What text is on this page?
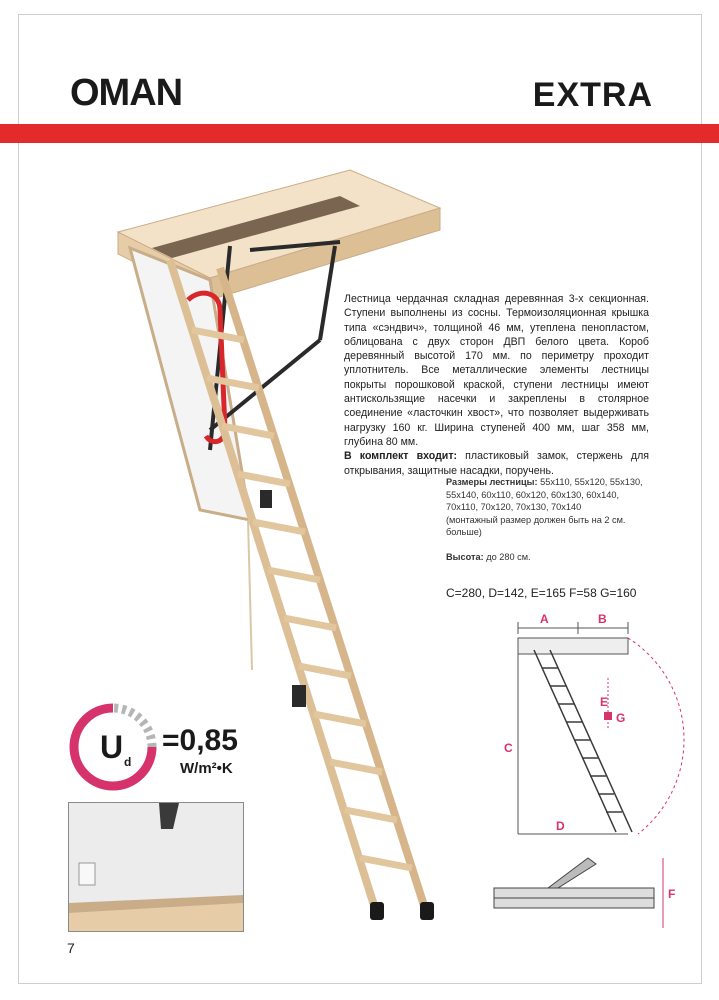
OMAN	EXTRA
Лестница чердачная складная деревянная 3-х секционная. Ступени выполнены из сосны. Термоизоляционная крышка типа «сэндвич», толщиной 46 мм, утеплена пенопластом, облицована с двух сторон ДВП белого цвета. Короб деревянный высотой 170 мм. по периметру проходит уплотнитель. Все металлические элементы лестницы покрыты порошковой краской, ступени лестницы имеют антискользящие насечки и закреплены в столярное соединение «ласточкин хвост», что позволяет выдерживать нагрузку 160 кг. Ширина ступеней 400 мм, шаг 358 мм, глубина 80 мм.
В комплект входит: пластиковый замок, стержень для открывания, защитные насадки, поручень.

Размеры лестницы: 55x110, 55x120, 55x130, 55x140, 60x110, 60x120, 60x130, 60x140, 70x110, 70x120, 70x130, 70x140
(монтажный размер должен быть на 2 см. больше)

Высота: до 280 см.

C=280, D=142, E=165 F=58 G=160
A	B
C
D
E
G
F
U d
=0,85
W/m²•K
7
